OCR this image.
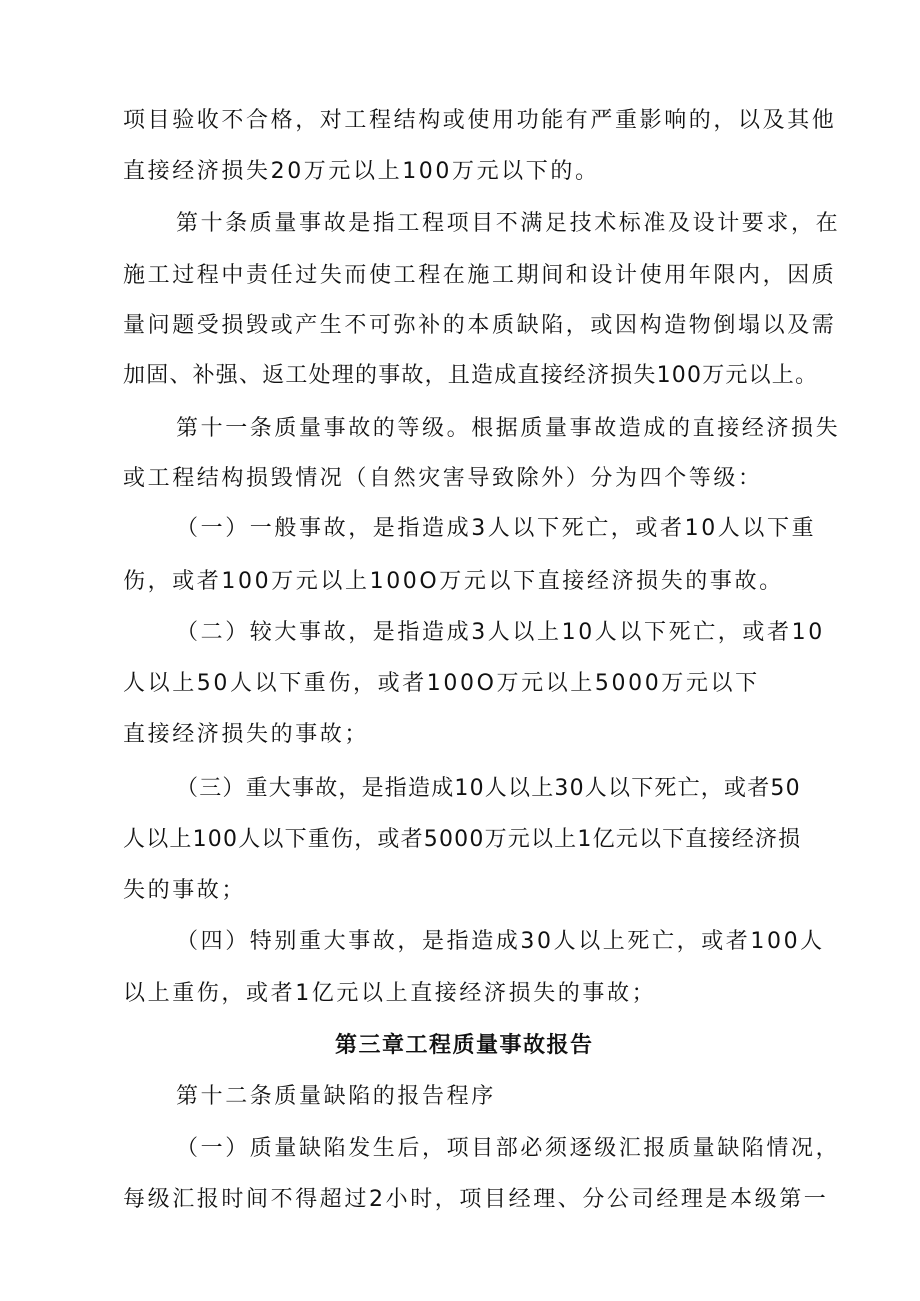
项目验收不合格，对工程结构或使用功能有严重影响的，以及其他
直接经济损失20万元以上100万元以下的。
第十条质量事故是指工程项目不满足技术标准及设计要求，在
施工过程中责任过失而使工程在施工期间和设计使用年限内，因质
量问题受损毁或产生不可弥补的本质缺陷，或因构造物倒塌以及需
加固、补强、返工处理的事故，且造成直接经济损失100万元以上。
第十一条质量事故的等级。根据质量事故造成的直接经济损失
或工程结构损毁情况（自然灾害导致除外）分为四个等级：
（一）一般事故，是指造成3人以下死亡，或者10人以下重
伤，或者100万元以上100O万元以下直接经济损失的事故。
（二）较大事故，是指造成3人以上10人以下死亡，或者10
人以上50人以下重伤，或者100O万元以上5000万元以下
直接经济损失的事故；
（三）重大事故，是指造成10人以上30人以下死亡，或者50
人以上100人以下重伤，或者5000万元以上1亿元以下直接经济损
失的事故；
（四）特别重大事故，是指造成30人以上死亡，或者100人
以上重伤，或者1亿元以上直接经济损失的事故；
第三章工程质量事故报告
第十二条质量缺陷的报告程序
（一）质量缺陷发生后，项目部必须逐级汇报质量缺陷情况，
每级汇报时间不得超过2小时，项目经理、分公司经理是本级第一
